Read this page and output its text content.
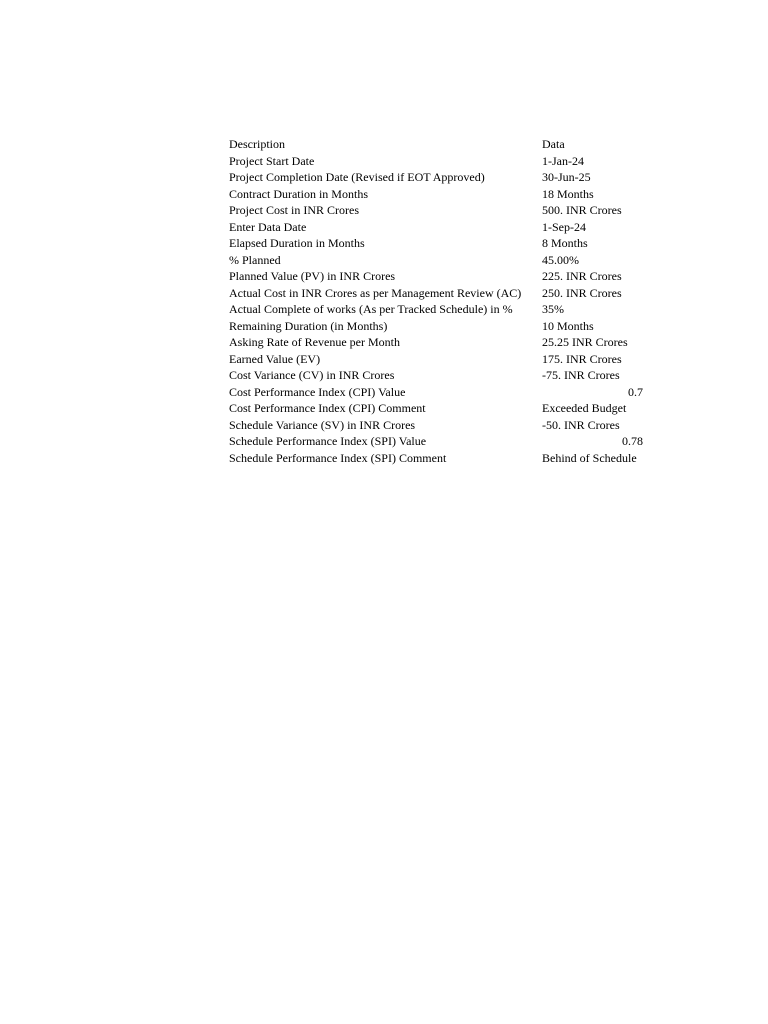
Description	Data
Project Start Date	1-Jan-24
Project Completion Date (Revised if EOT Approved)	30-Jun-25
Contract Duration in Months	18 Months
Project Cost in INR Crores	500. INR Crores
Enter Data Date	1-Sep-24
Elapsed Duration in Months	8 Months
% Planned	45.00%
Planned Value (PV) in INR Crores	225. INR Crores
Actual Cost in INR Crores as per Management Review (AC)	250. INR Crores
Actual Complete of works (As per Tracked Schedule) in %	35%
Remaining Duration (in Months)	10 Months
Asking Rate of Revenue per Month	25.25 INR Crores
Earned Value (EV)	175. INR Crores
Cost Variance (CV) in INR Crores	-75. INR Crores
Cost Performance Index (CPI) Value	0.7
Cost Performance Index (CPI) Comment	Exceeded Budget
Schedule Variance (SV) in INR Crores	-50. INR Crores
Schedule Performance Index (SPI) Value	0.78
Schedule Performance Index (SPI) Comment	Behind of Schedule
